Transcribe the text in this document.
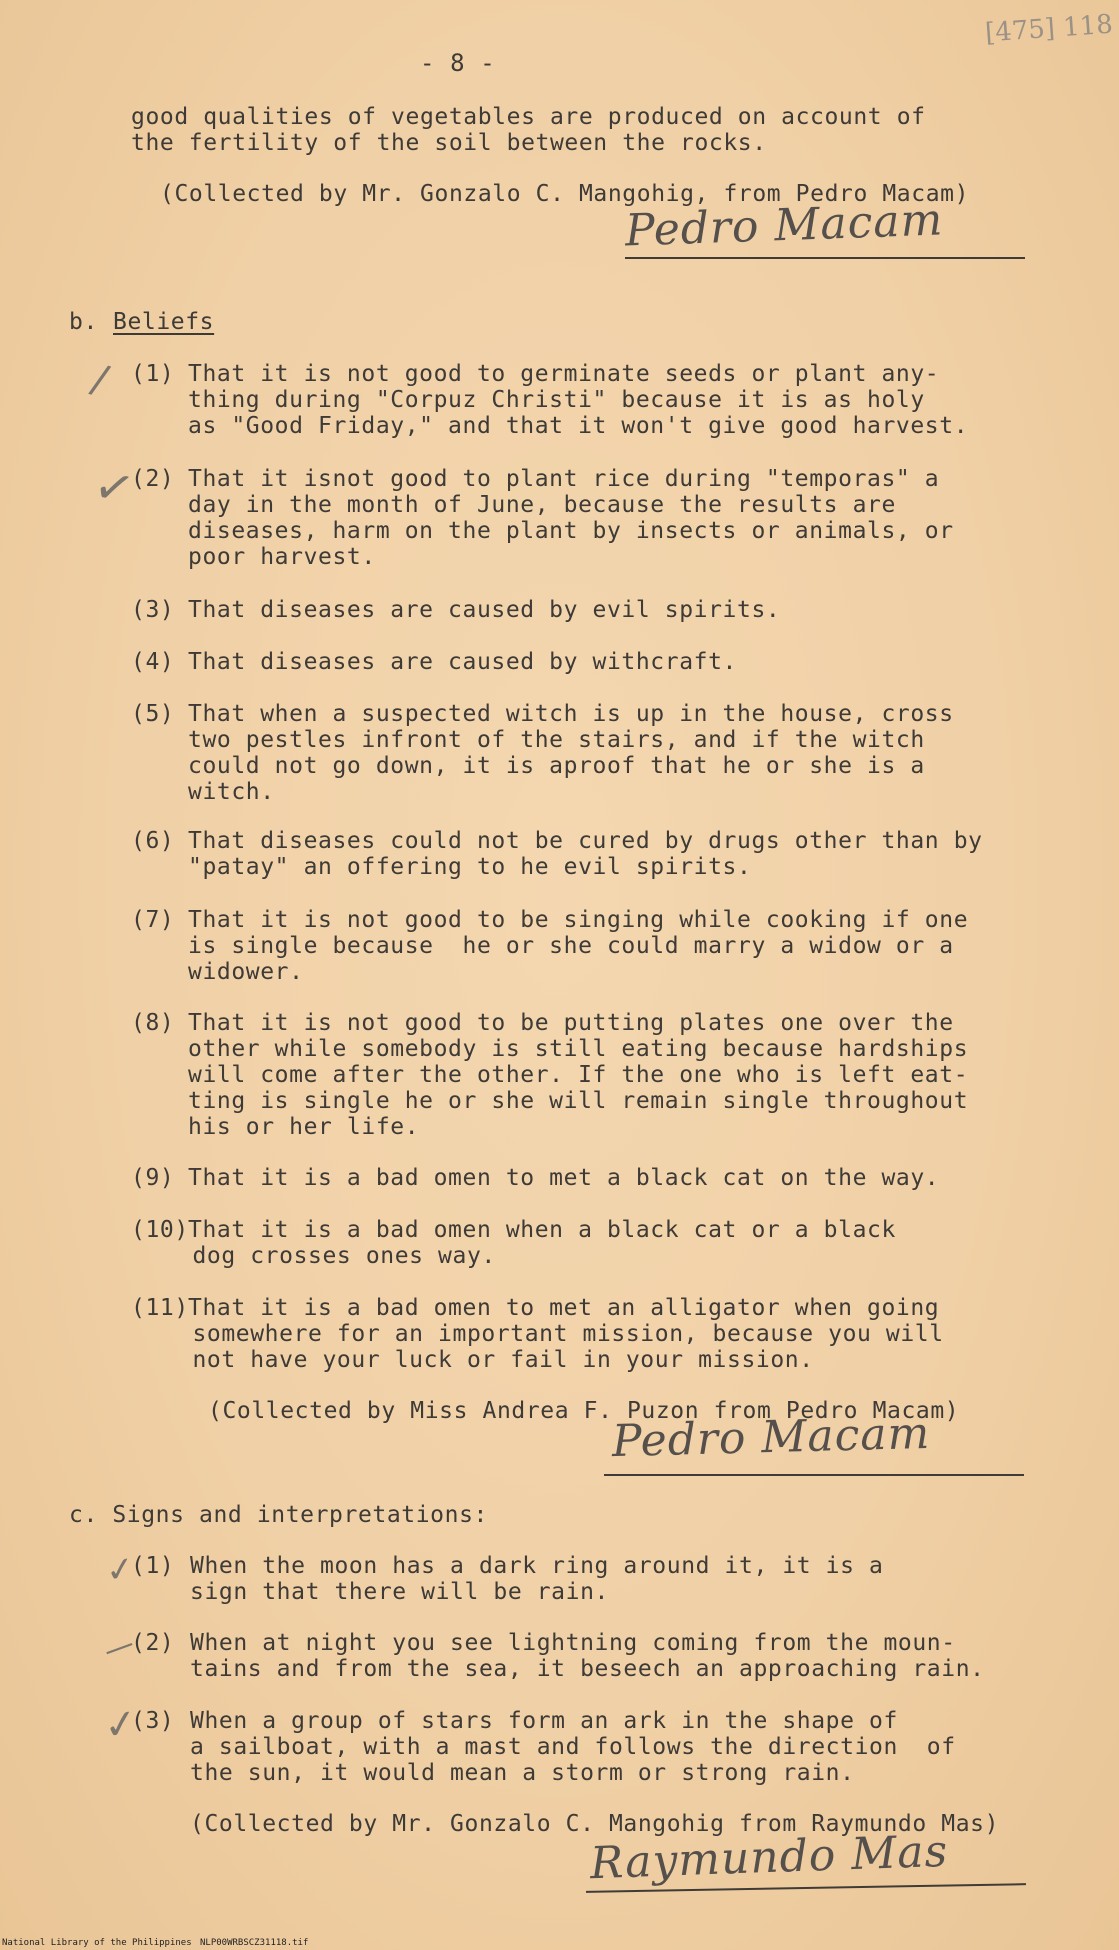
- 8 -
[475] 118
good qualities of vegetables are produced on account of
the fertility of the soil between the rocks.
(Collected by Mr. Gonzalo C. Mangohig, from Pedro Macam)
Pedro Macam
b. Beliefs
/ (1) That it is not good to germinate seeds or plant any-
thing during "Corpuz Christi" because it is as holy
as "Good Friday," and that it won't give good harvest.
✓
(2) That it isnot good to plant rice during "temporas" a
day in the month of June, because the results are
diseases, harm on the plant by insects or animals, or
poor harvest.
(3) That diseases are caused by evil spirits.
(4) That diseases are caused by withcraft.
(5) That when a suspected witch is up in the house, cross
two pestles infront of the stairs, and if the witch
could not go down, it is aproof that he or she is a
witch.
(6) That diseases could not be cured by drugs other than by
"patay" an offering to he evil spirits.
(7) That it is not good to be singing while cooking if one
is single because  he or she could marry a widow or a
widower.
(8) That it is not good to be putting plates one over the
other while somebody is still eating because hardships
will come after the other. If the one who is left eat-
ting is single he or she will remain single throughout
his or her life.
(9) That it is a bad omen to met a black cat on the way.
(10) That it is a bad omen when a black cat or a black
dog crosses ones way.
(11) That it is a bad omen to met an alligator when going
somewhere for an important mission, because you will
not have your luck or fail in your mission.
(Collected by Miss Andrea F. Puzon from Pedro Macam)
Pedro Macam
c. Signs and interpretations:
✓
(1) When the moon has a dark ring around it, it is a
sign that there will be rain.
—
(2) When at night you see lightning coming from the moun-
tains and from the sea, it beseech an approaching rain.
✓
(3) When a group of stars form an ark in the shape of
a sailboat, with a mast and follows the direction  of
the sun, it would mean a storm or strong rain.
(Collected by Mr. Gonzalo C. Mangohig from Raymundo Mas)
Raymundo Mas
National Library of the Philippines NLP00WRBSCZ31118.tif
